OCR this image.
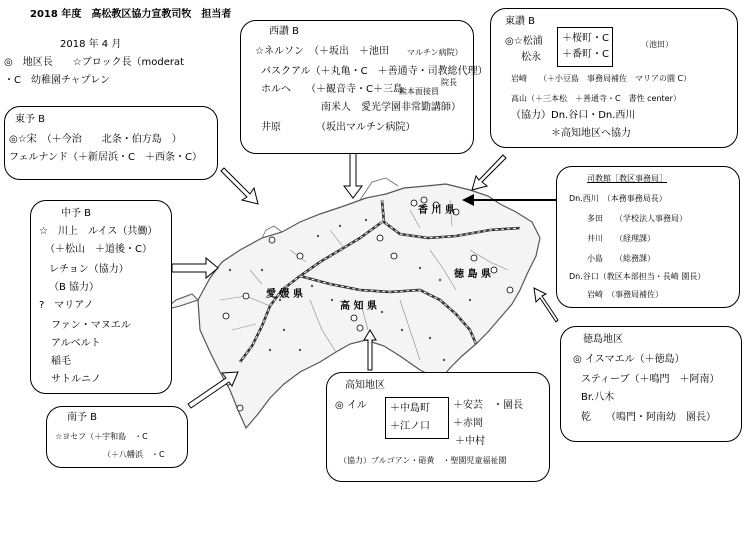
香 川 県
徳 島 県
愛 媛 県
高 知 県
2018 年度　高松教区協力宣教司牧　担当者
2018 年 4 月
◎　地区長　　☆ブロック長（moderat
・C　幼稚園チャプレン
東予 B
◎☆宋　（＋今治　　北条・伯方島　）
フェルナンド（＋新居浜・C　＋西条・C）
西讃 B
☆ネルソン　（＋坂出　＋池田 マルチン病院）
パスクアル（＋丸亀・C　＋善通寺・司教総代理）
ホルヘ　　（＋観音寺・C＋三島
院長
熊本面接員
南米人　愛光学園非常勤講師）
井原　　　　（坂出マルチン病院）
東讃 B
◎☆松浦
松永
＋桜町・C
＋番町・C
（池田）
岩崎　　（＋小豆島　事務局補佐　マリアの園 C）
高山（＋三本松　＋善通寺・C　書性 center）
（協力）Dn.谷口・Dn.西川
＊高知地区へ協力
中予 B
☆　川上　ルイス（共働）
（＋松山　＋道後・C）
レチョン（協力）
（B 協力）
?　マリアノ
ファン・マヌエル
アルベルト
稲毛
サトルニノ
司教館［教区事務局］
Dn.西川　（本務事務局長）
多田　　（学校法人事務局）
井川　　（経理課）
小島　　（総務課）
Dn.谷口（教区本部担当・長崎 園長）
岩崎　（事務局補佐）
徳島地区
◎ イスマエル（＋徳島）
スティーブ（＋鳴門　＋阿南）
Br.八木
乾　　（鳴門・阿南幼　園長）
高知地区
◎ イル ＋中島町
＋江ノ口
＋安芸　・園長
＋赤岡
＋中村
（協力）ブルゴアン・硲黄　・聖園児童福祉園
南予 B
☆ヨセフ（＋宇和島　・C
（＋八幡浜　・C
